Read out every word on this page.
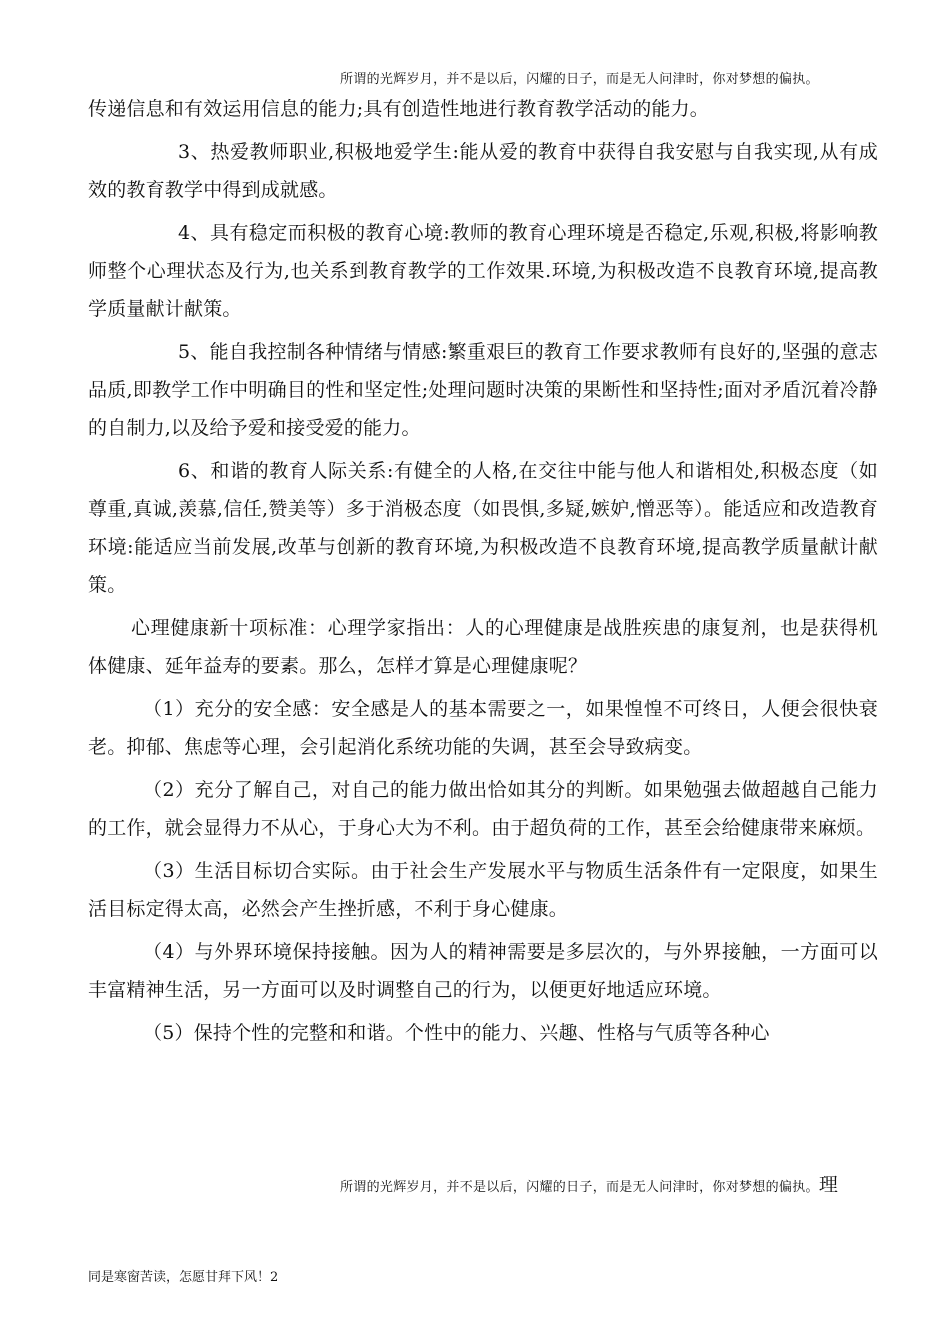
所谓的光辉岁月，并不是以后，闪耀的日子，而是无人问津时，你对梦想的偏执。

传递信息和有效运用信息的能力;具有创造性地进行教育教学活动的能力。

3、热爱教师职业,积极地爱学生:能从爱的教育中获得自我安慰与自我实现,从有成效的教育教学中得到成就感。

4、具有稳定而积极的教育心境:教师的教育心理环境是否稳定,乐观,积极,将影响教师整个心理状态及行为,也关系到教育教学的工作效果.环境,为积极改造不良教育环境,提高教学质量献计献策。

5、能自我控制各种情绪与情感:繁重艰巨的教育工作要求教师有良好的,坚强的意志品质,即教学工作中明确目的性和坚定性;处理问题时决策的果断性和坚持性;面对矛盾沉着冷静的自制力,以及给予爱和接受爱的能力。

6、和谐的教育人际关系:有健全的人格,在交往中能与他人和谐相处,积极态度（如尊重,真诚,羡慕,信任,赞美等）多于消极态度（如畏惧,多疑,嫉妒,憎恶等）。能适应和改造教育环境:能适应当前发展,改革与创新的教育环境,为积极改造不良教育环境,提高教学质量献计献策。

心理健康新十项标准：心理学家指出：人的心理健康是战胜疾患的康复剂，也是获得机体健康、延年益寿的要素。那么，怎样才算是心理健康呢？

（1）充分的安全感：安全感是人的基本需要之一，如果惶惶不可终日，人便会很快衰老。抑郁、焦虑等心理，会引起消化系统功能的失调，甚至会导致病变。

（2）充分了解自己，对自己的能力做出恰如其分的判断。如果勉强去做超越自己能力的工作，就会显得力不从心，于身心大为不利。由于超负荷的工作，甚至会给健康带来麻烦。

（3）生活目标切合实际。由于社会生产发展水平与物质生活条件有一定限度，如果生活目标定得太高，必然会产生挫折感，不利于身心健康。

（4）与外界环境保持接触。因为人的精神需要是多层次的，与外界接触，一方面可以丰富精神生活，另一方面可以及时调整自己的行为，以便更好地适应环境。

（5）保持个性的完整和和谐。个性中的能力、兴趣、性格与气质等各种心

所谓的光辉岁月，并不是以后，闪耀的日子，而是无人问津时，你对梦想的偏执。理
同是寒窗苦读，怎愿甘拜下风！2
